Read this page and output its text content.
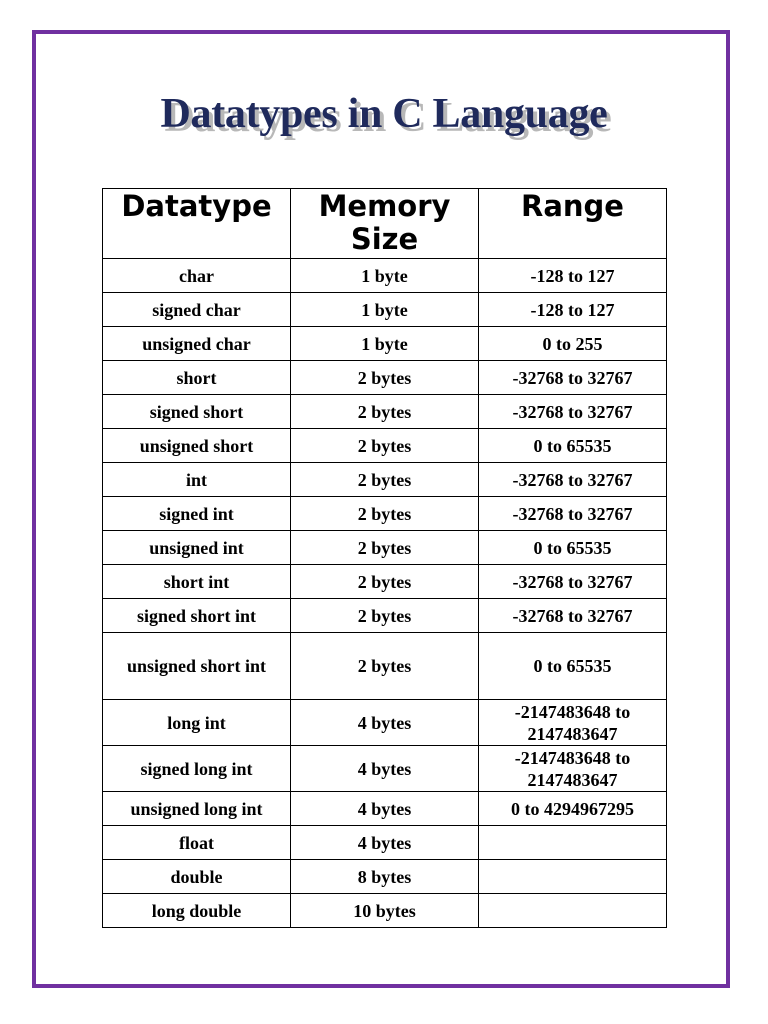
Datatypes in C Language
Datatype	Memory Size	Range
char	1 byte	-128 to 127
signed char	1 byte	-128 to 127
unsigned char	1 byte	0 to 255
short	2 bytes	-32768 to 32767
signed short	2 bytes	-32768 to 32767
unsigned short	2 bytes	0 to 65535
int	2 bytes	-32768 to 32767
signed int	2 bytes	-32768 to 32767
unsigned int	2 bytes	0 to 65535
short int	2 bytes	-32768 to 32767
signed short int	2 bytes	-32768 to 32767
unsigned short int	2 bytes	0 to 65535
long int	4 bytes	-2147483648 to 2147483647
signed long int	4 bytes	-2147483648 to 2147483647
unsigned long int	4 bytes	0 to 4294967295
float	4 bytes	
double	8 bytes	
long double	10 bytes	
